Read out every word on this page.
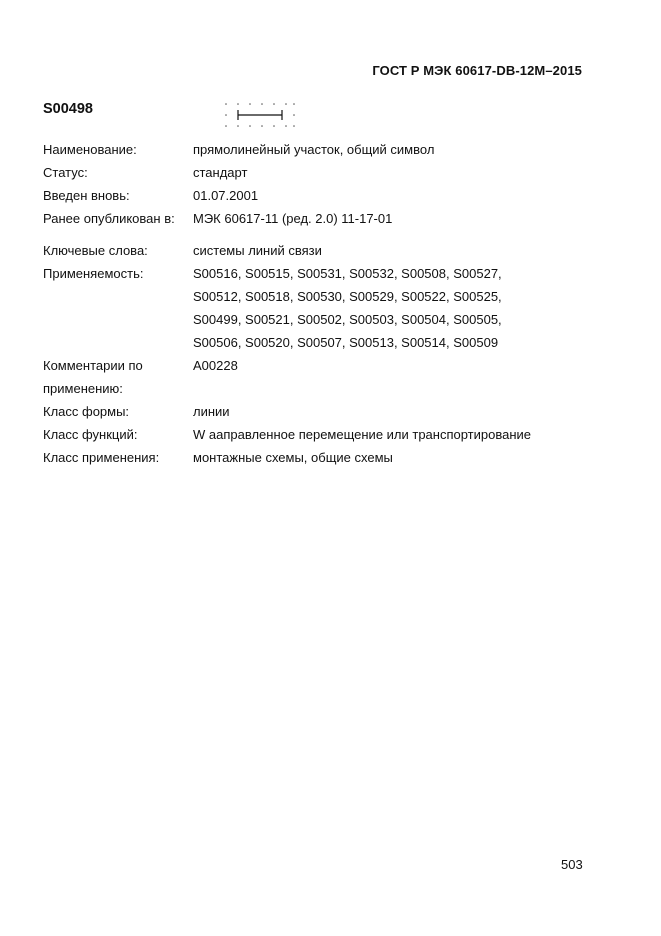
ГОСТ Р МЭК 60617-DB-12M–2015
S00498
Наименование:	прямолинейный участок, общий символ
Статус:	стандарт
Введен вновь:	01.07.2001
Ранее опубликован в:	МЭК 60617-11 (ред. 2.0) 11-17-01
Ключевые слова:	системы линий связи
Применяемость:	S00516, S00515, S00531, S00532, S00508, S00527,
S00512, S00518, S00530, S00529, S00522, S00525,
S00499, S00521, S00502, S00503, S00504, S00505,
S00506, S00520, S00507, S00513, S00514, S00509
Комментарии по	A00228
применению:
Класс формы:	линии
Класс функций:	W аaправленное перемещение или транспортирование
Класс применения:	монтажные схемы, общие схемы
503
